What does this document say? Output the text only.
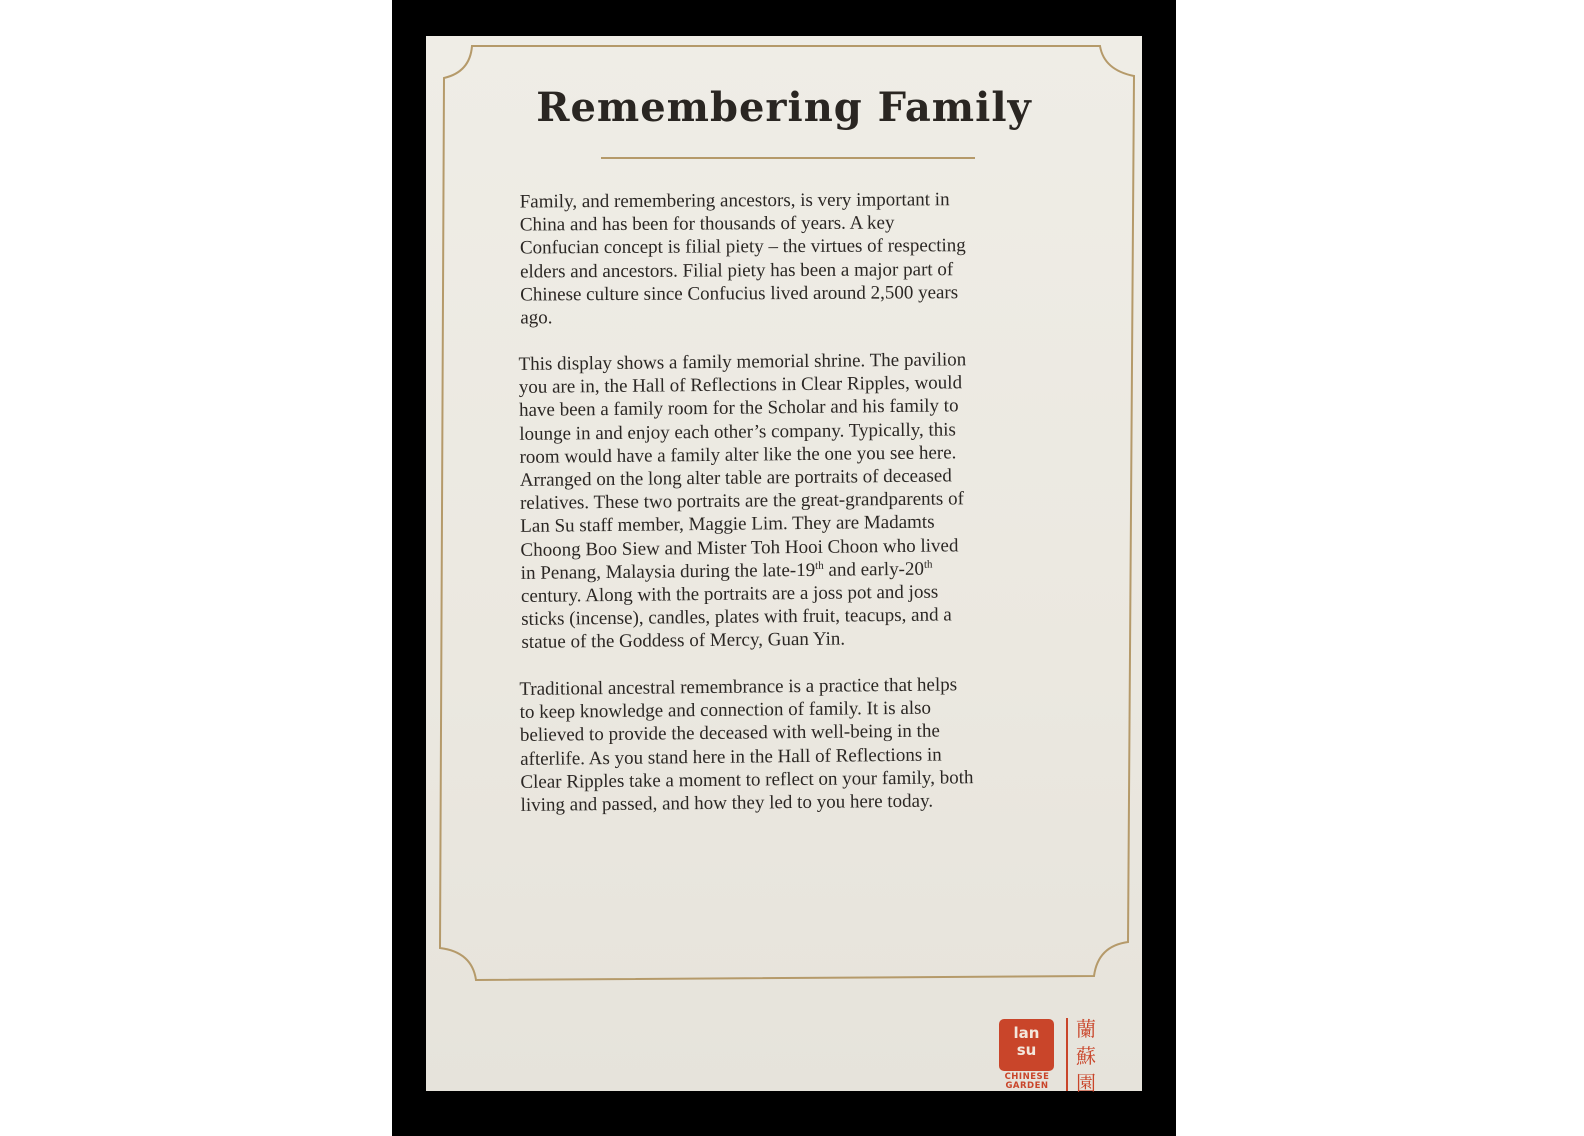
Remembering Family
Family, and remembering ancestors, is very important in
China and has been for thousands of years. A key
Confucian concept is filial piety – the virtues of respecting
elders and ancestors. Filial piety has been a major part of
Chinese culture since Confucius lived around 2,500 years
ago.
This display shows a family memorial shrine. The pavilion
you are in, the Hall of Reflections in Clear Ripples, would
have been a family room for the Scholar and his family to
lounge in and enjoy each other’s company. Typically, this
room would have a family alter like the one you see here.
Arranged on the long alter table are portraits of deceased
relatives. These two portraits are the great-grandparents of
Lan Su staff member, Maggie Lim. They are Madamts
Choong Boo Siew and Mister Toh Hooi Choon who lived
in Penang, Malaysia during the late-19th and early-20th
century. Along with the portraits are a joss pot and joss
sticks (incense), candles, plates with fruit, teacups, and a
statue of the Goddess of Mercy, Guan Yin.
Traditional ancestral remembrance is a practice that helps
to keep knowledge and connection of family. It is also
believed to provide the deceased with well-being in the
afterlife. As you stand here in the Hall of Reflections in
Clear Ripples take a moment to reflect on your family, both
living and passed, and how they led to you here today.
lan
su
CHINESE
GARDEN
蘭
蘇
園
